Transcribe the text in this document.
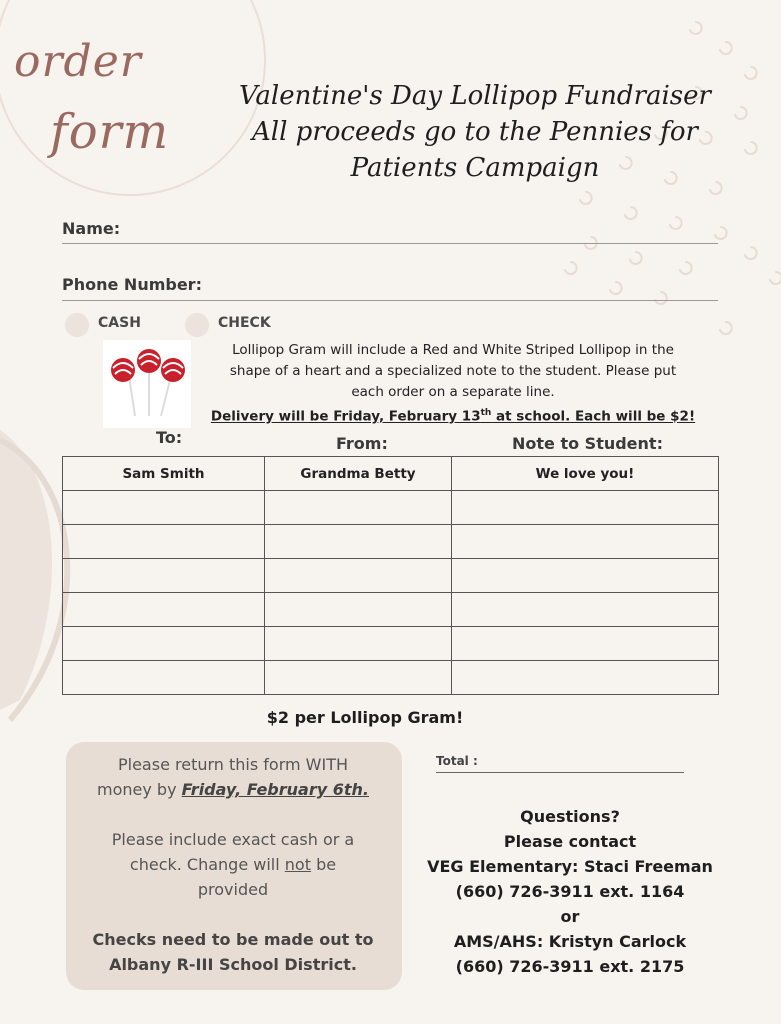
order
form
Valentine's Day Lollipop Fundraiser
All proceeds go to the Pennies for
Patients Campaign
Name:
Phone Number:
CASH	CHECK
Lollipop Gram will include a Red and White Striped Lollipop in the
shape of a heart and a specialized note to the student. Please put
each order on a separate line.
Delivery will be Friday, February 13th at school. Each will be $2!
To:	From:	Note to Student:
Sam Smith	Grandma Betty	We love you!

$2 per Lollipop Gram!
Please return this form WITH
money by Friday, February 6th.
Please include exact cash or a
check. Change will not be
provided
Checks need to be made out to
Albany R-III School District.
Total :
Questions?
Please contact
VEG Elementary: Staci Freeman
(660) 726-3911 ext. 1164
or
AMS/AHS: Kristyn Carlock
(660) 726-3911 ext. 2175
